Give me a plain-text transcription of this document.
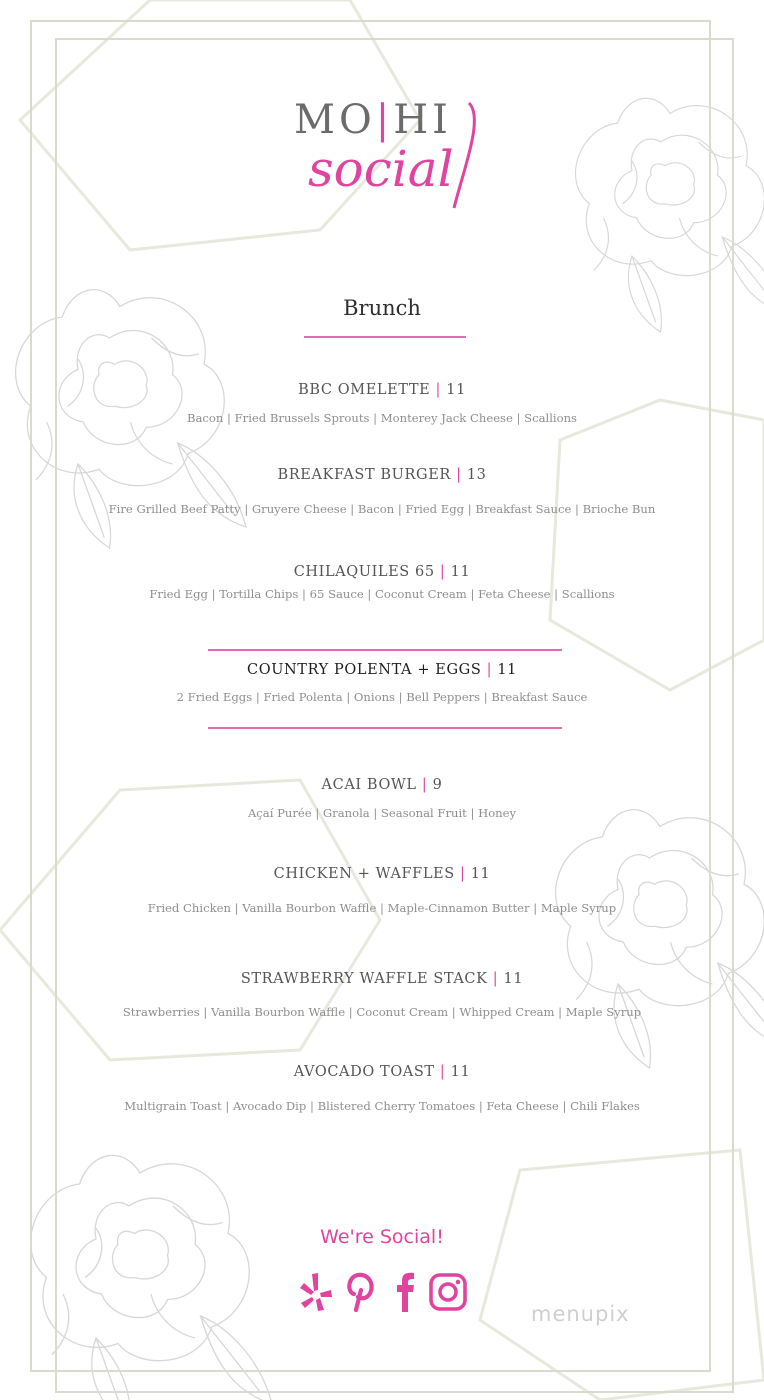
MO|HI
social
Brunch
BBC OMELETTE | 11
Bacon | Fried Brussels Sprouts | Monterey Jack Cheese | Scallions
BREAKFAST BURGER | 13
Fire Grilled Beef Patty | Gruyere Cheese | Bacon | Fried Egg | Breakfast Sauce | Brioche Bun
CHILAQUILES 65 | 11
Fried Egg | Tortilla Chips | 65 Sauce | Coconut Cream | Feta Cheese | Scallions
COUNTRY POLENTA + EGGS | 11
2 Fried Eggs | Fried Polenta | Onions | Bell Peppers | Breakfast Sauce
ACAI BOWL | 9
Açaí Purée | Granola | Seasonal Fruit | Honey
CHICKEN + WAFFLES | 11
Fried Chicken | Vanilla Bourbon Waffle | Maple-Cinnamon Butter | Maple Syrup
STRAWBERRY WAFFLE STACK | 11
Strawberries | Vanilla Bourbon Waffle | Coconut Cream | Whipped Cream | Maple Syrup
AVOCADO TOAST | 11
Multigrain Toast | Avocado Dip | Blistered Cherry Tomatoes | Feta Cheese | Chili Flakes
We're Social!
menupix
